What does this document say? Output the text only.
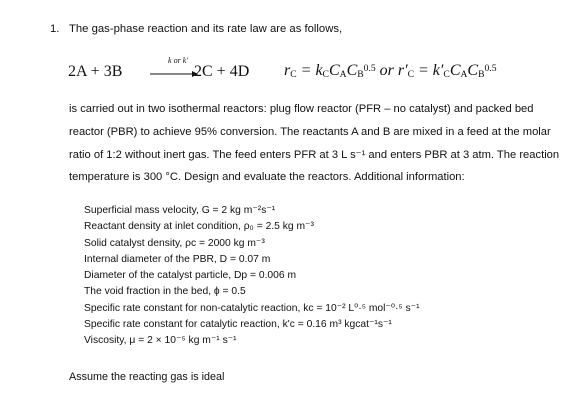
1. The gas-phase reaction and its rate law are as follows,
2A + 3B
k or k'
2C + 4D $r_C = k_CC_AC_B^{0.5}$ or $r'_C = k'_CC_AC_B^{0.5}$
is carried out in two isothermal reactors: plug flow reactor (PFR – no catalyst) and packed bed
reactor (PBR) to achieve 95% conversion. The reactants A and B are mixed in a feed at the molar
ratio of 1:2 without inert gas. The feed enters PFR at 3 L s⁻¹ and enters PBR at 3 atm. The reaction
temperature is 300 °C. Design and evaluate the reactors. Additional information:
Superficial mass velocity, G = 2 kg m⁻²s⁻¹
Reactant density at inlet condition, ρ₀ = 2.5 kg m⁻³
Solid catalyst density, ρc = 2000 kg m⁻³
Internal diameter of the PBR, D = 0.07 m
Diameter of the catalyst particle, Dp = 0.006 m
The void fraction in the bed, ϕ = 0.5
Specific rate constant for non-catalytic reaction, kc = 10⁻² L⁰·⁵ mol⁻⁰·⁵ s⁻¹
Specific rate constant for catalytic reaction, k'c = 0.16 m³ kgcat⁻¹s⁻¹
Viscosity, μ = 2 × 10⁻⁵ kg m⁻¹ s⁻¹
Assume the reacting gas is ideal
